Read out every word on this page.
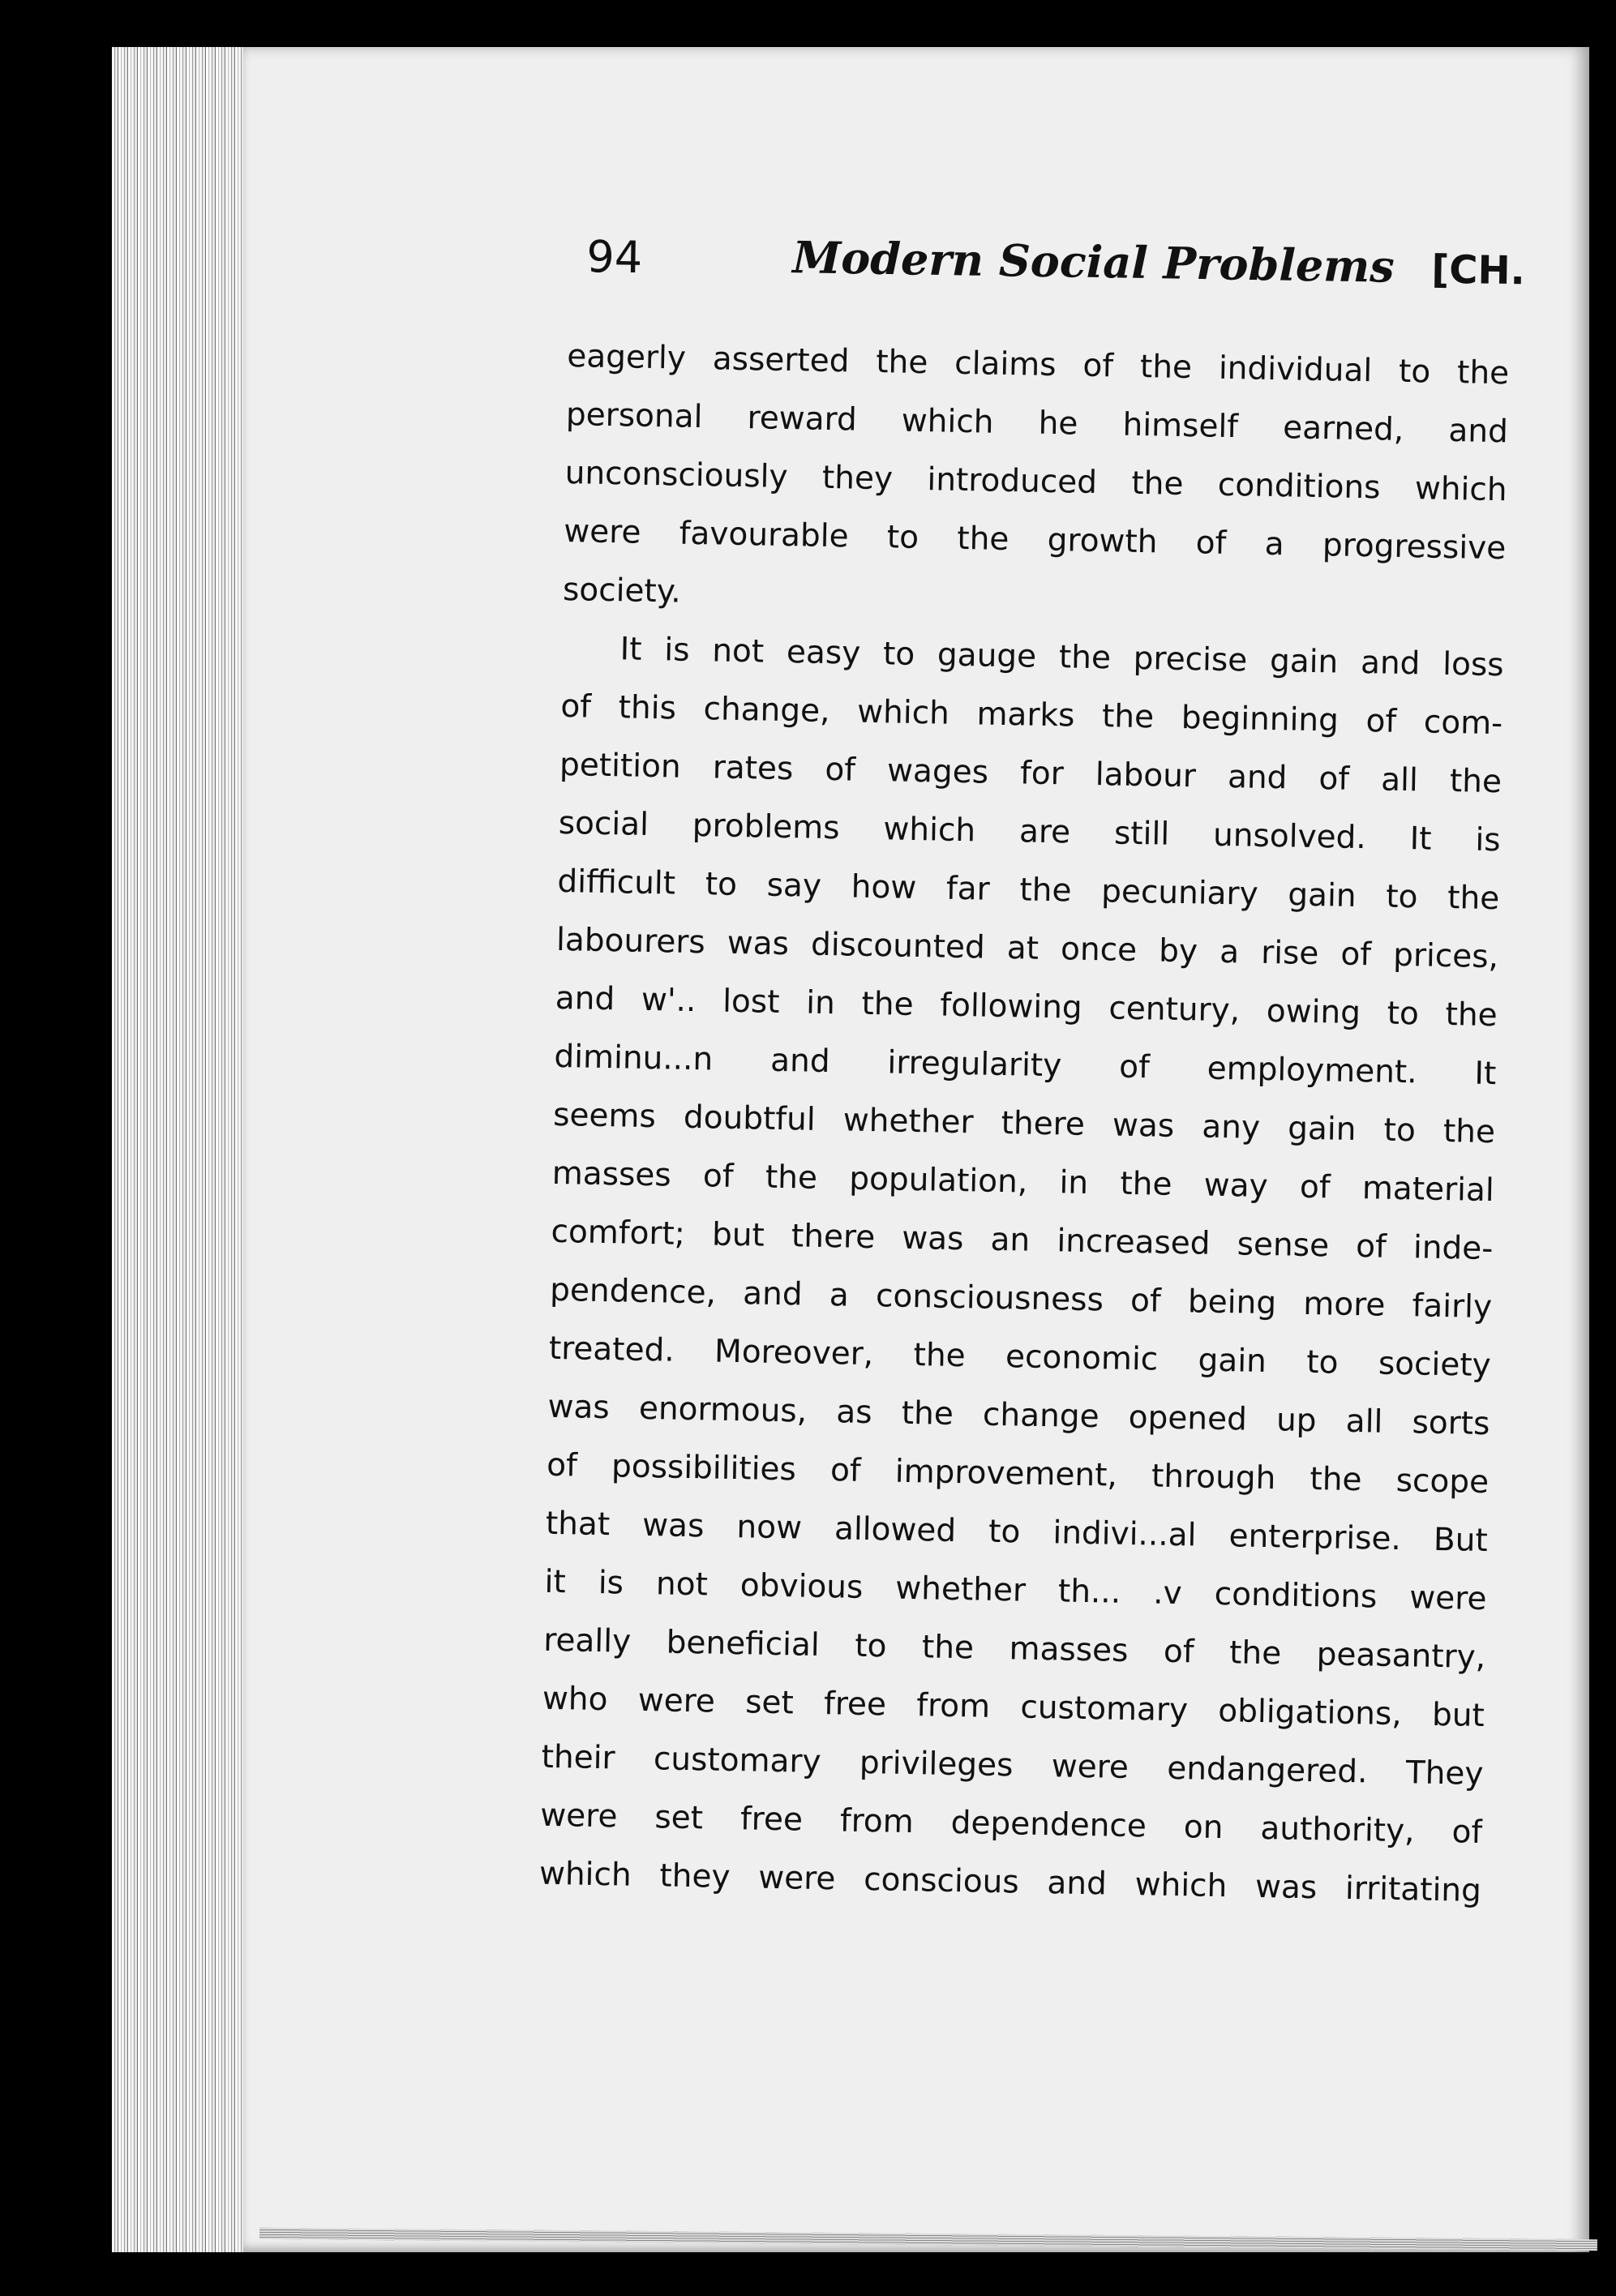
94	Modern Social Problems [CH.
eagerly asserted the claims of the individual to the
personal reward which he himself earned, and
unconsciously they introduced the conditions which
were favourable to the growth of a progressive
society.
It is not easy to gauge the precise gain and loss
of this change, which marks the beginning of com-
petition rates of wages for labour and of all the
social problems which are still unsolved. It is
difficult to say how far the pecuniary gain to the
labourers was discounted at once by a rise of prices,
and w'.. lost in the following century, owing to the
diminu...n and irregularity of employment. It
seems doubtful whether there was any gain to the
masses of the population, in the way of material
comfort; but there was an increased sense of inde-
pendence, and a consciousness of being more fairly
treated. Moreover, the economic gain to society
was enormous, as the change opened up all sorts
of possibilities of improvement, through the scope
that was now allowed to indivi...al enterprise. But
it is not obvious whether th... .v conditions were
really beneficial to the masses of the peasantry,
who were set free from customary obligations, but
their customary privileges were endangered. They
were set free from dependence on authority, of
which they were conscious and which was irritating
